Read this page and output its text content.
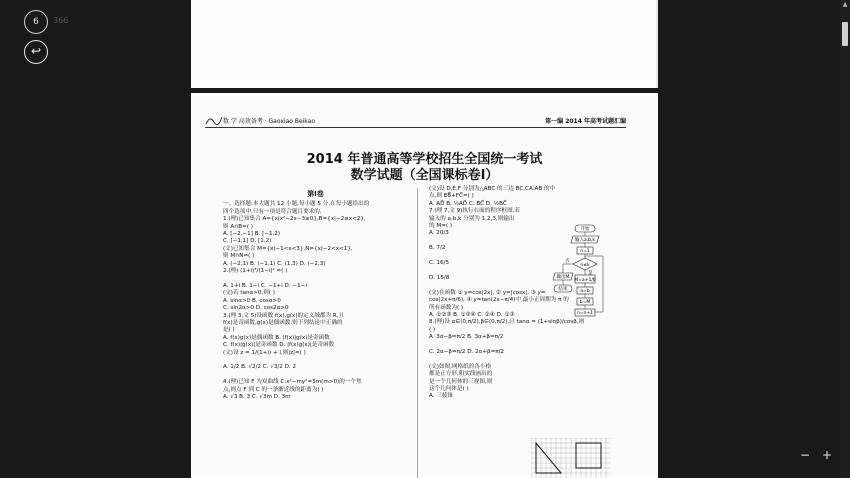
数 学 高效备考 · Gaoxiao Beikao	第一编 2014 年高考试题汇编
2014 年普通高等学校招生全国统一考试
数学试题（全国课标卷Ⅰ）

第Ⅰ卷

一、选择题:本大题共 12 小题,每小题 5 分,在每小题给出的

四个选项中,只有一项是符合题目要求的.

1.(理)已知集合 A={x|x²−2x−3≥0},B={x|−2≤x<2},

则 A∩B=( )

A. [−2,−1] B. [−1,2)

C. [−1,1] D. [1,2)

(文)已知集合 M={x|−1<x<3},N={x|−2<x<1},

则 M∩N=( )

A. (−2,1) B. (−1,1) C. (1,3) D. (−2,3)

2.(理) (1+i)³/(1−i)² =( )

A. 1+i B. 1−i C. −1+i D. −1−i

(文)若 tanα>0,则( )

A. sinα>0 B. cosα>0

C. sin2α>0 D. cos2α>0

3.(理 3,文 5)设函数 f(x),g(x)的定义域都为 R,且

f(x)是奇函数,g(x)是偶函数,则下列结论中正确的

是( )

A. f(x)g(x)是偶函数 B. |f(x)|g(x)是奇函数

C. f(x)|g(x)|是奇函数 D. |f(x)g(x)|是奇函数

(文)设 z = 1/(1+i) + i,则|z|=( )

A. 1/2 B. √2/2 C. √3/2 D. 2

4.(理)已知 F 为双曲线 C:x²−my²=3m(m>0)的一个焦

点,则点 F 到 C 的一条渐近线的距离为( )

A. √3 B. 3 C. √3m D. 3m

(文)设 D,E,F 分别为△ABC 的三边 BC,CA,AB 的中

点,则 EB⃗+FC⃗=( )

A. AD⃗ B. ½AD⃗ C. BC⃗ D. ½BC⃗

7.(理 7,文 9)执行右面的程序框图,若

输入的 a,b,k 分别为 1,2,3,则输出

的 M=( )

A. 20/3

B. 7/2

C. 16/5

D. 15/8

(文)在函数 ① y=cos|2x|, ② y=|cosx|, ③ y=

cos(2x+π/6), ④ y=tan(2x−π/4)中,最小正周期为 π 的

所有函数为( )

A. ①②③ B. ①③④ C. ②④ D. ①③

8.(理)设 α∈(0,π/2),β∈(0,π/2),且 tanα = (1+sinβ)/cosβ,则

( )

A. 3α−β=π/2 B. 3α+β=π/2

C. 2α−β=π/2 D. 2α+β=π/2

(文)如图,网格纸的各小格

都是正方形,粗实线画出的

是一个几何体的三视图,则

这个几何体是( )

A. 三棱锥

开始
输入a,b,k
n=1
n≤k
是
否
M=a+1/b
a=b
b=M
n=n+1
输出M
结束
6	366
↩
▲
− +
